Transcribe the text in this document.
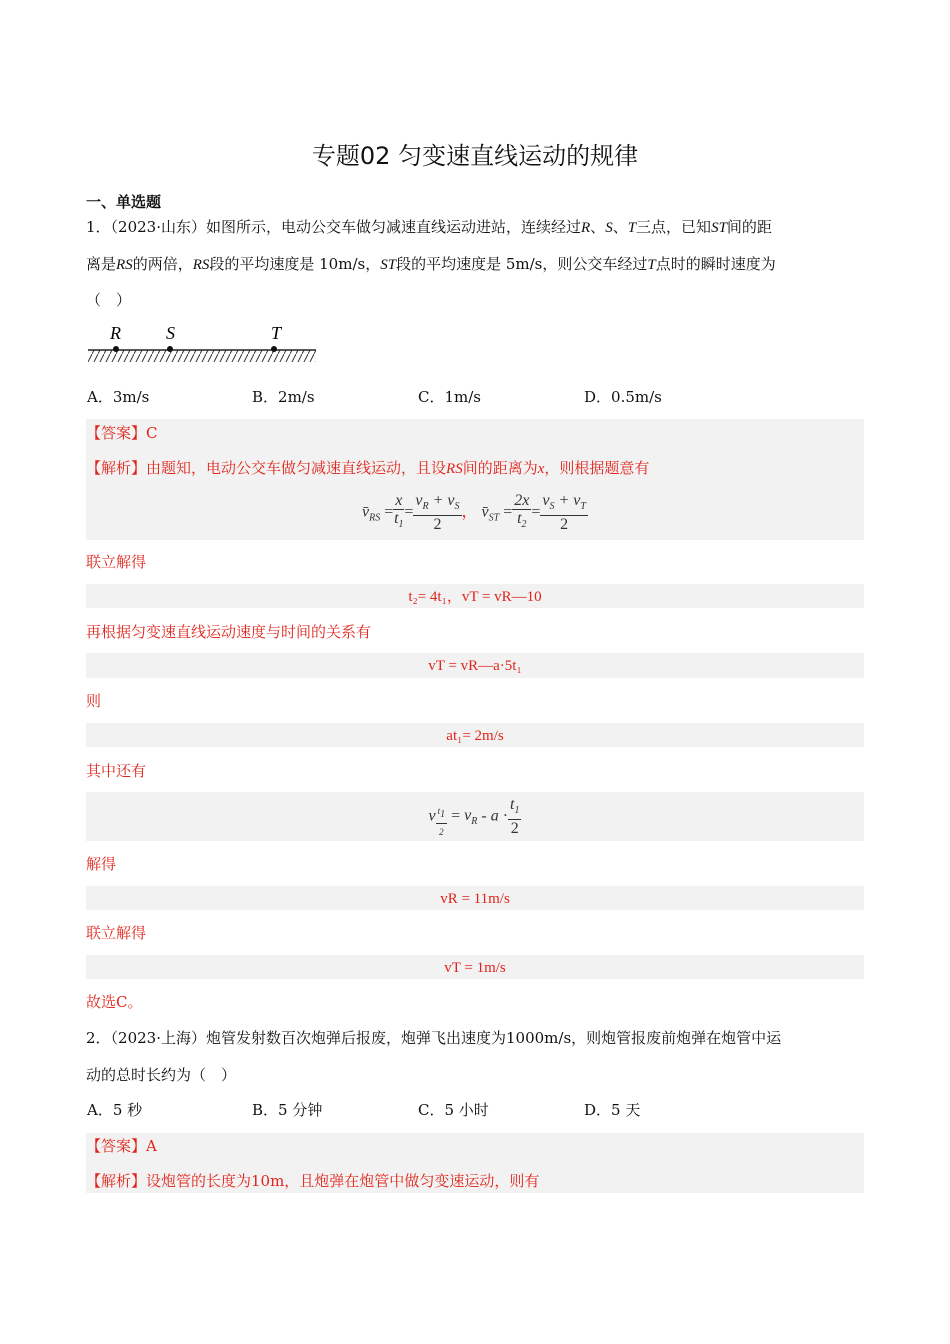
专题02 匀变速直线运动的规律
一、单选题
1．（2023·山东）如图所示，电动公交车做匀减速直线运动进站，连续经过R、S、T三点，已知ST间的距
离是RS的两倍，RS段的平均速度是 10m/s，ST段的平均速度是 5m/s，则公交车经过T点时的瞬时速度为
（　）
R	S	T
A．3m/s	B．2m/s	C．1m/s	D．0.5m/s
【答案】C
【解析】由题知，电动公交车做匀减速直线运动，且设RS间的距离为x，则根据题意有
$v̄_{RS} = \frac{x}{t_1} = \frac{v_R + v_S}{2}$ ， $v̄_{ST} = \frac{2x}{t_2} = \frac{v_S + v_T}{2}$
联立解得
t₂= 4t₁，vT = vR—10
再根据匀变速直线运动速度与时间的关系有
vT = vR—a·5t₁
则
at₁= 2m/s
其中还有
v $_{\frac{t_1}{2}} = v_R - a \cdot \frac{t_1}{2}$
解得
vR = 11m/s
联立解得
vT = 1m/s
故选C。
2．（2023·上海）炮管发射数百次炮弹后报废，炮弹飞出速度为1000m/s，则炮管报废前炮弹在炮管中运
动的总时长约为（　）
A．5 秒	B．5 分钟	C．5 小时	D．5 天
【答案】A
【解析】设炮管的长度为10m，且炮弹在炮管中做匀变速运动，则有
